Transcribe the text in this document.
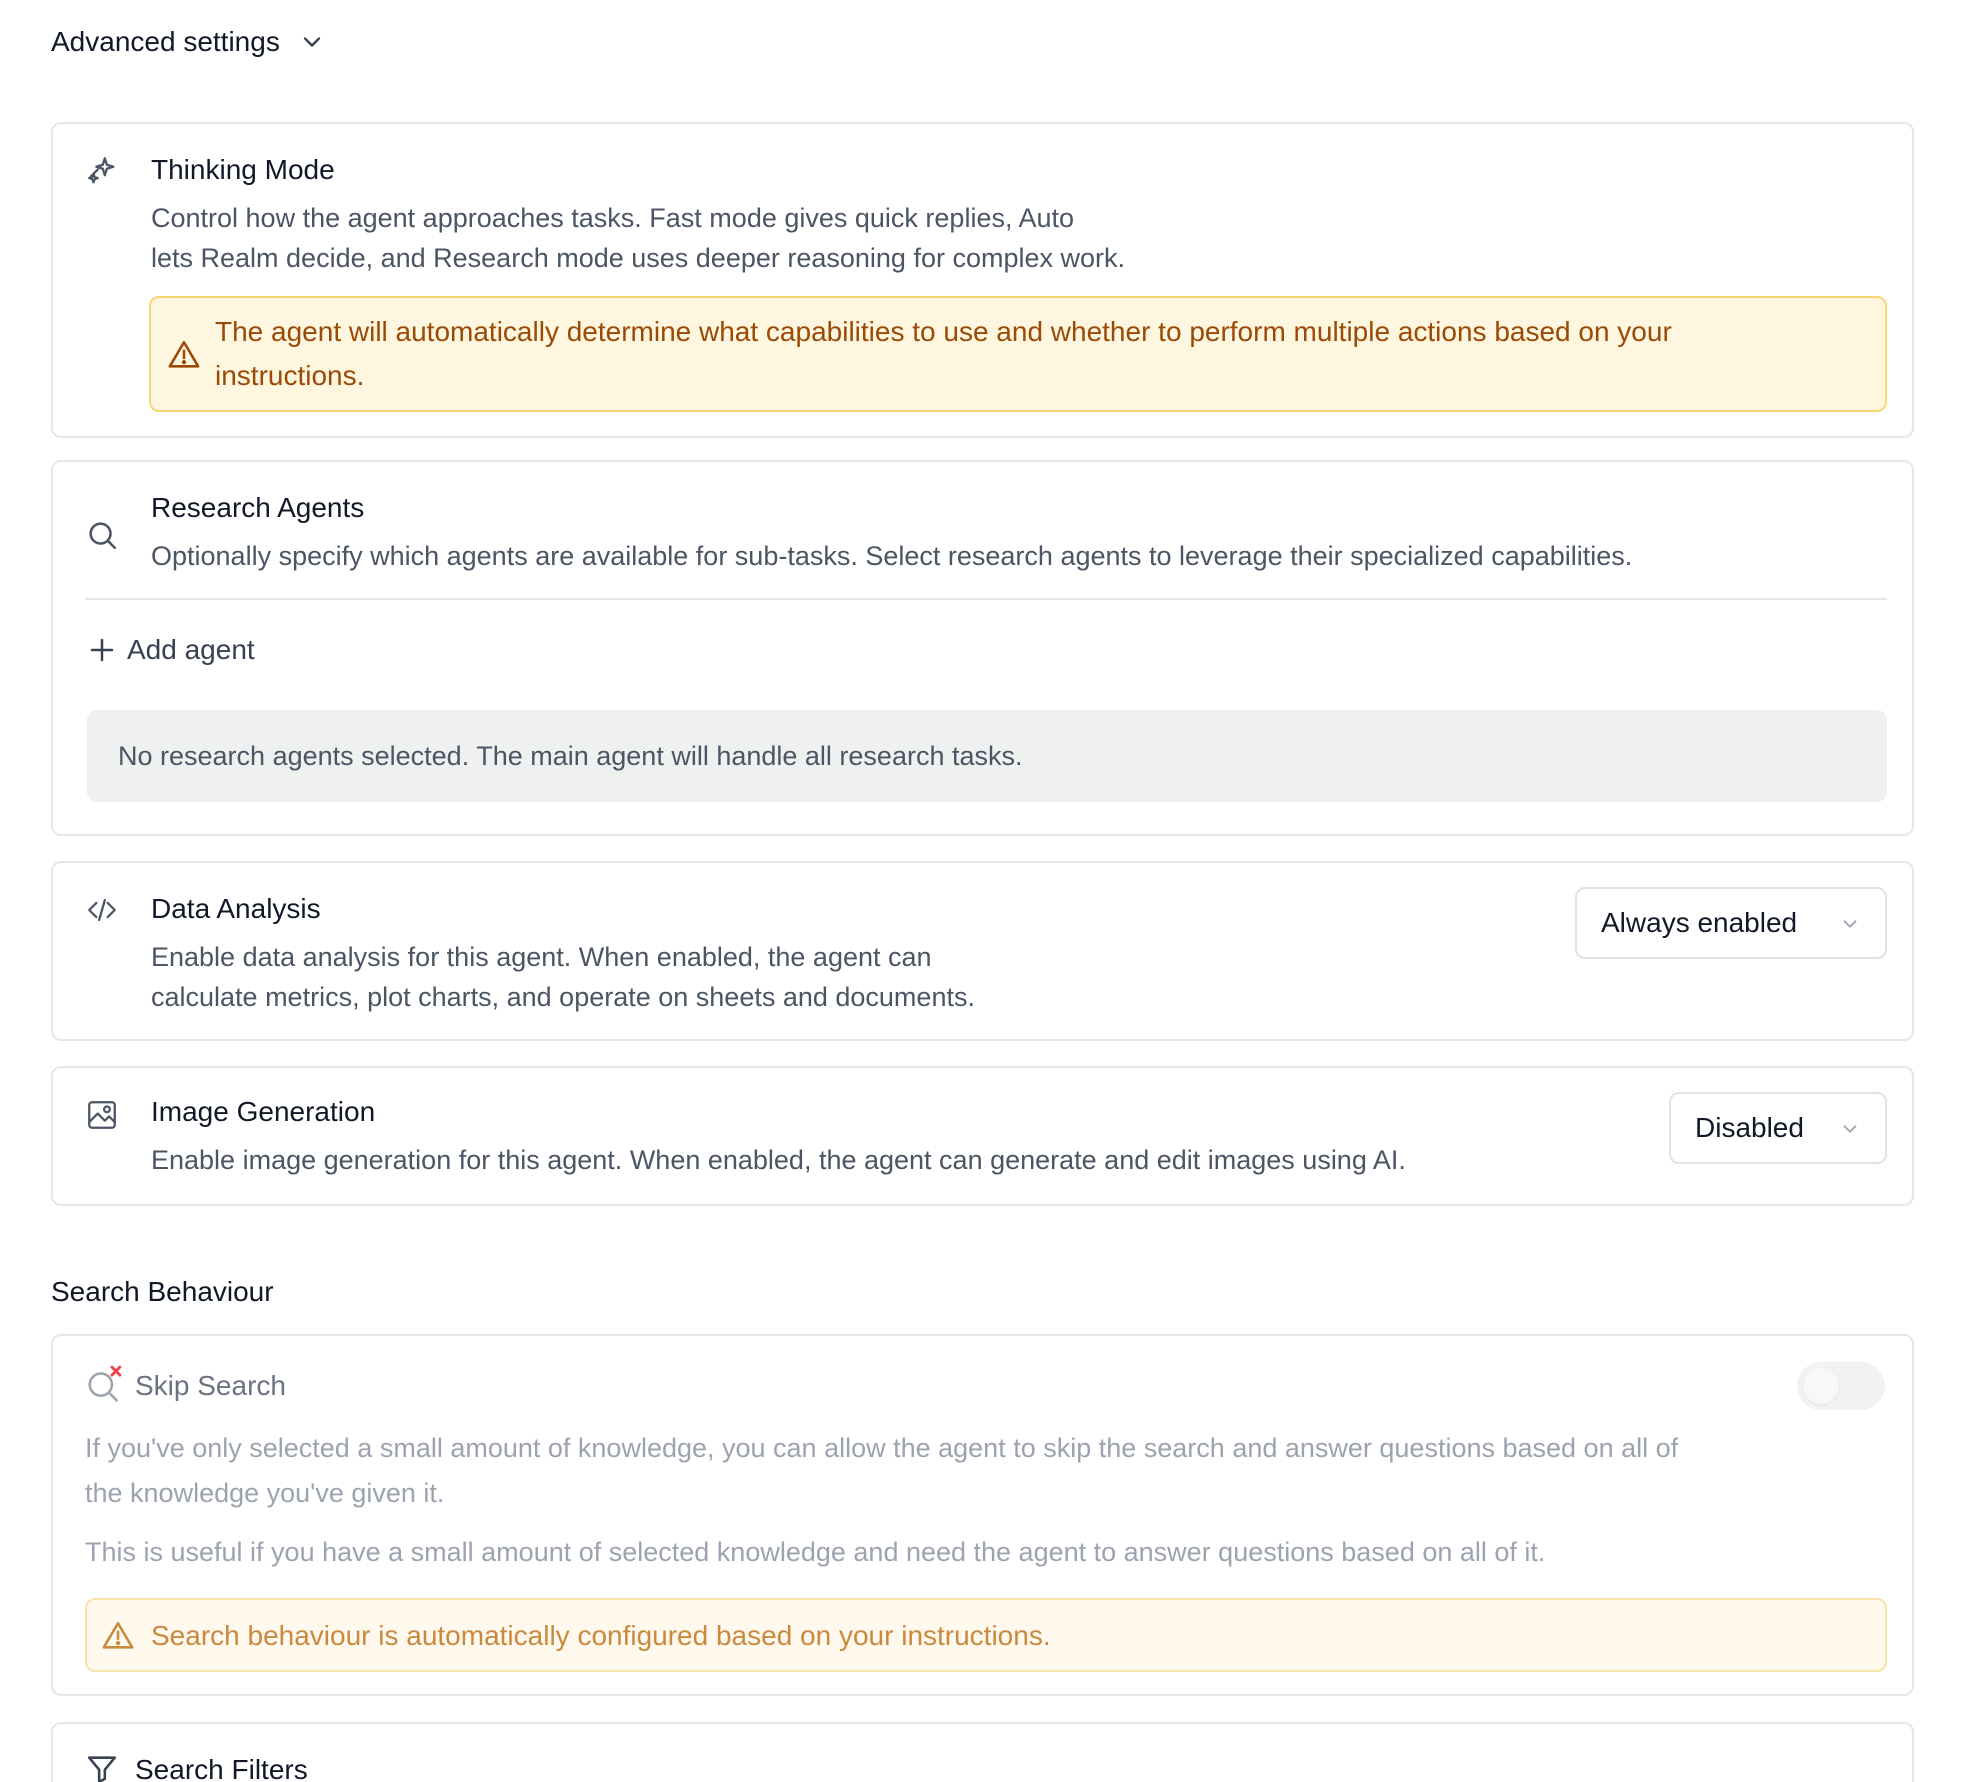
Advanced settings
Thinking Mode
Control how the agent approaches tasks. Fast mode gives quick replies, Auto
lets Realm decide, and Research mode uses deeper reasoning for complex work.
The agent will automatically determine what capabilities to use and whether to perform multiple actions based on your
instructions.
Research Agents
Optionally specify which agents are available for sub-tasks. Select research agents to leverage their specialized capabilities.
Add agent
No research agents selected. The main agent will handle all research tasks.
Data Analysis
Enable data analysis for this agent. When enabled, the agent can
calculate metrics, plot charts, and operate on sheets and documents.
Always enabled
Image Generation
Enable image generation for this agent. When enabled, the agent can generate and edit images using AI.
Disabled
Search Behaviour
Skip Search
If you've only selected a small amount of knowledge, you can allow the agent to skip the search and answer questions based on all of
the knowledge you've given it.
This is useful if you have a small amount of selected knowledge and need the agent to answer questions based on all of it.
Search behaviour is automatically configured based on your instructions.
Search Filters
